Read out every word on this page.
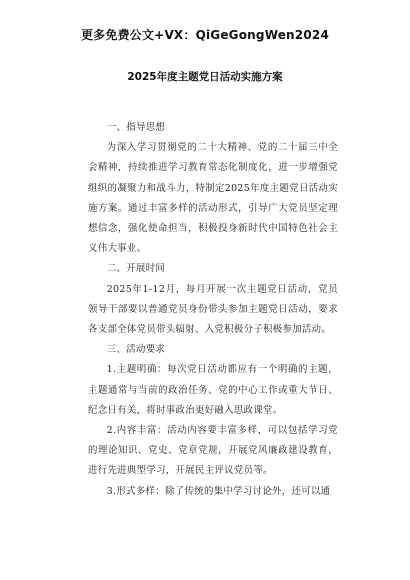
更多免费公文+VX：QiGeGongWen2024
2025年度主题党日活动实施方案

一、指导思想

为深入学习贯彻党的二十大精神、党的二十届三中全会精神，持续推进学习教育常态化制度化，进一步增强党组织的凝聚力和战斗力，特制定2025年度主题党日活动实施方案。通过丰富多样的活动形式，引导广大党员坚定理想信念，强化使命担当，积极投身新时代中国特色社会主义伟大事业。

二、开展时间

2025年1-12月，每月开展一次主题党日活动，党员领导干部要以普通党员身份带头参加主题党日活动，要求各支部全体党员带头辐射、入党积极分子积极参加活动。

三、活动要求

1.主题明确：每次党日活动都应有一个明确的主题，主题通常与当前的政治任务、党的中心工作或重大节日、纪念日有关，将时事政治更好融入思政课堂。

2.内容丰富：活动内容要丰富多样，可以包括学习党的理论知识、党史、党章党规，开展党风廉政建设教育，进行先进典型学习，开展民主评议党员等。

3.形式多样：除了传统的集中学习讨论外，还可以通
